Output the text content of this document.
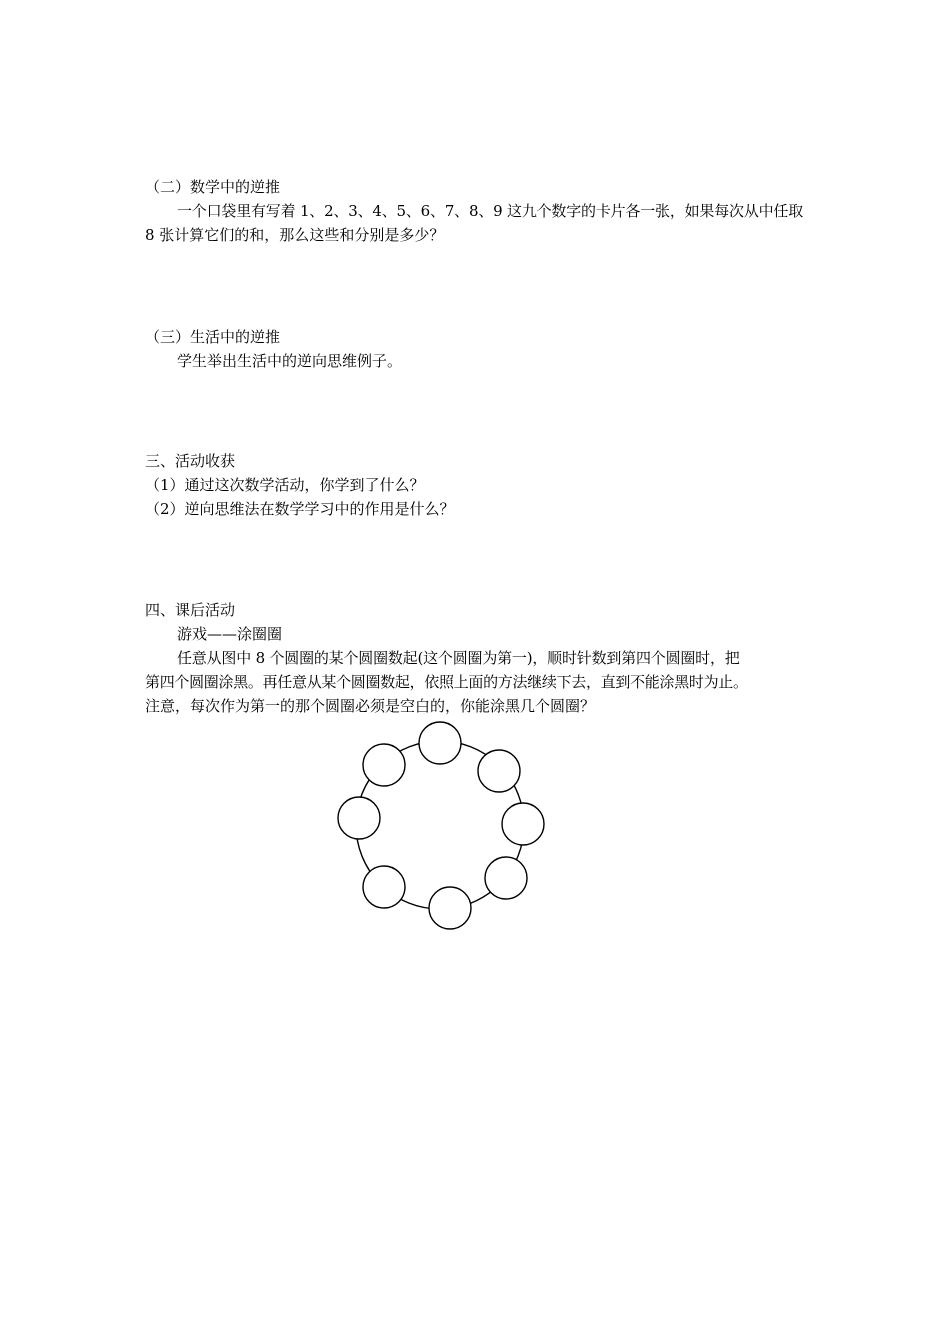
（二）数学中的逆推
一个口袋里有写着 1、2、3、4、5、6、7、8、9 这九个数字的卡片各一张，如果每次从中任取
8 张计算它们的和，那么这些和分别是多少？
（三）生活中的逆推
学生举出生活中的逆向思维例子。
三、活动收获
（1）通过这次数学活动，你学到了什么？
（2）逆向思维法在数学学习中的作用是什么？
四、课后活动
游戏——涂圈圈
任意从图中 8 个圆圈的某个圆圈数起(这个圆圈为第一)，顺时针数到第四个圆圈时，把
第四个圆圈涂黑。再任意从某个圆圈数起，依照上面的方法继续下去，直到不能涂黑时为止。
注意，每次作为第一的那个圆圈必须是空白的，你能涂黑几个圆圈？
